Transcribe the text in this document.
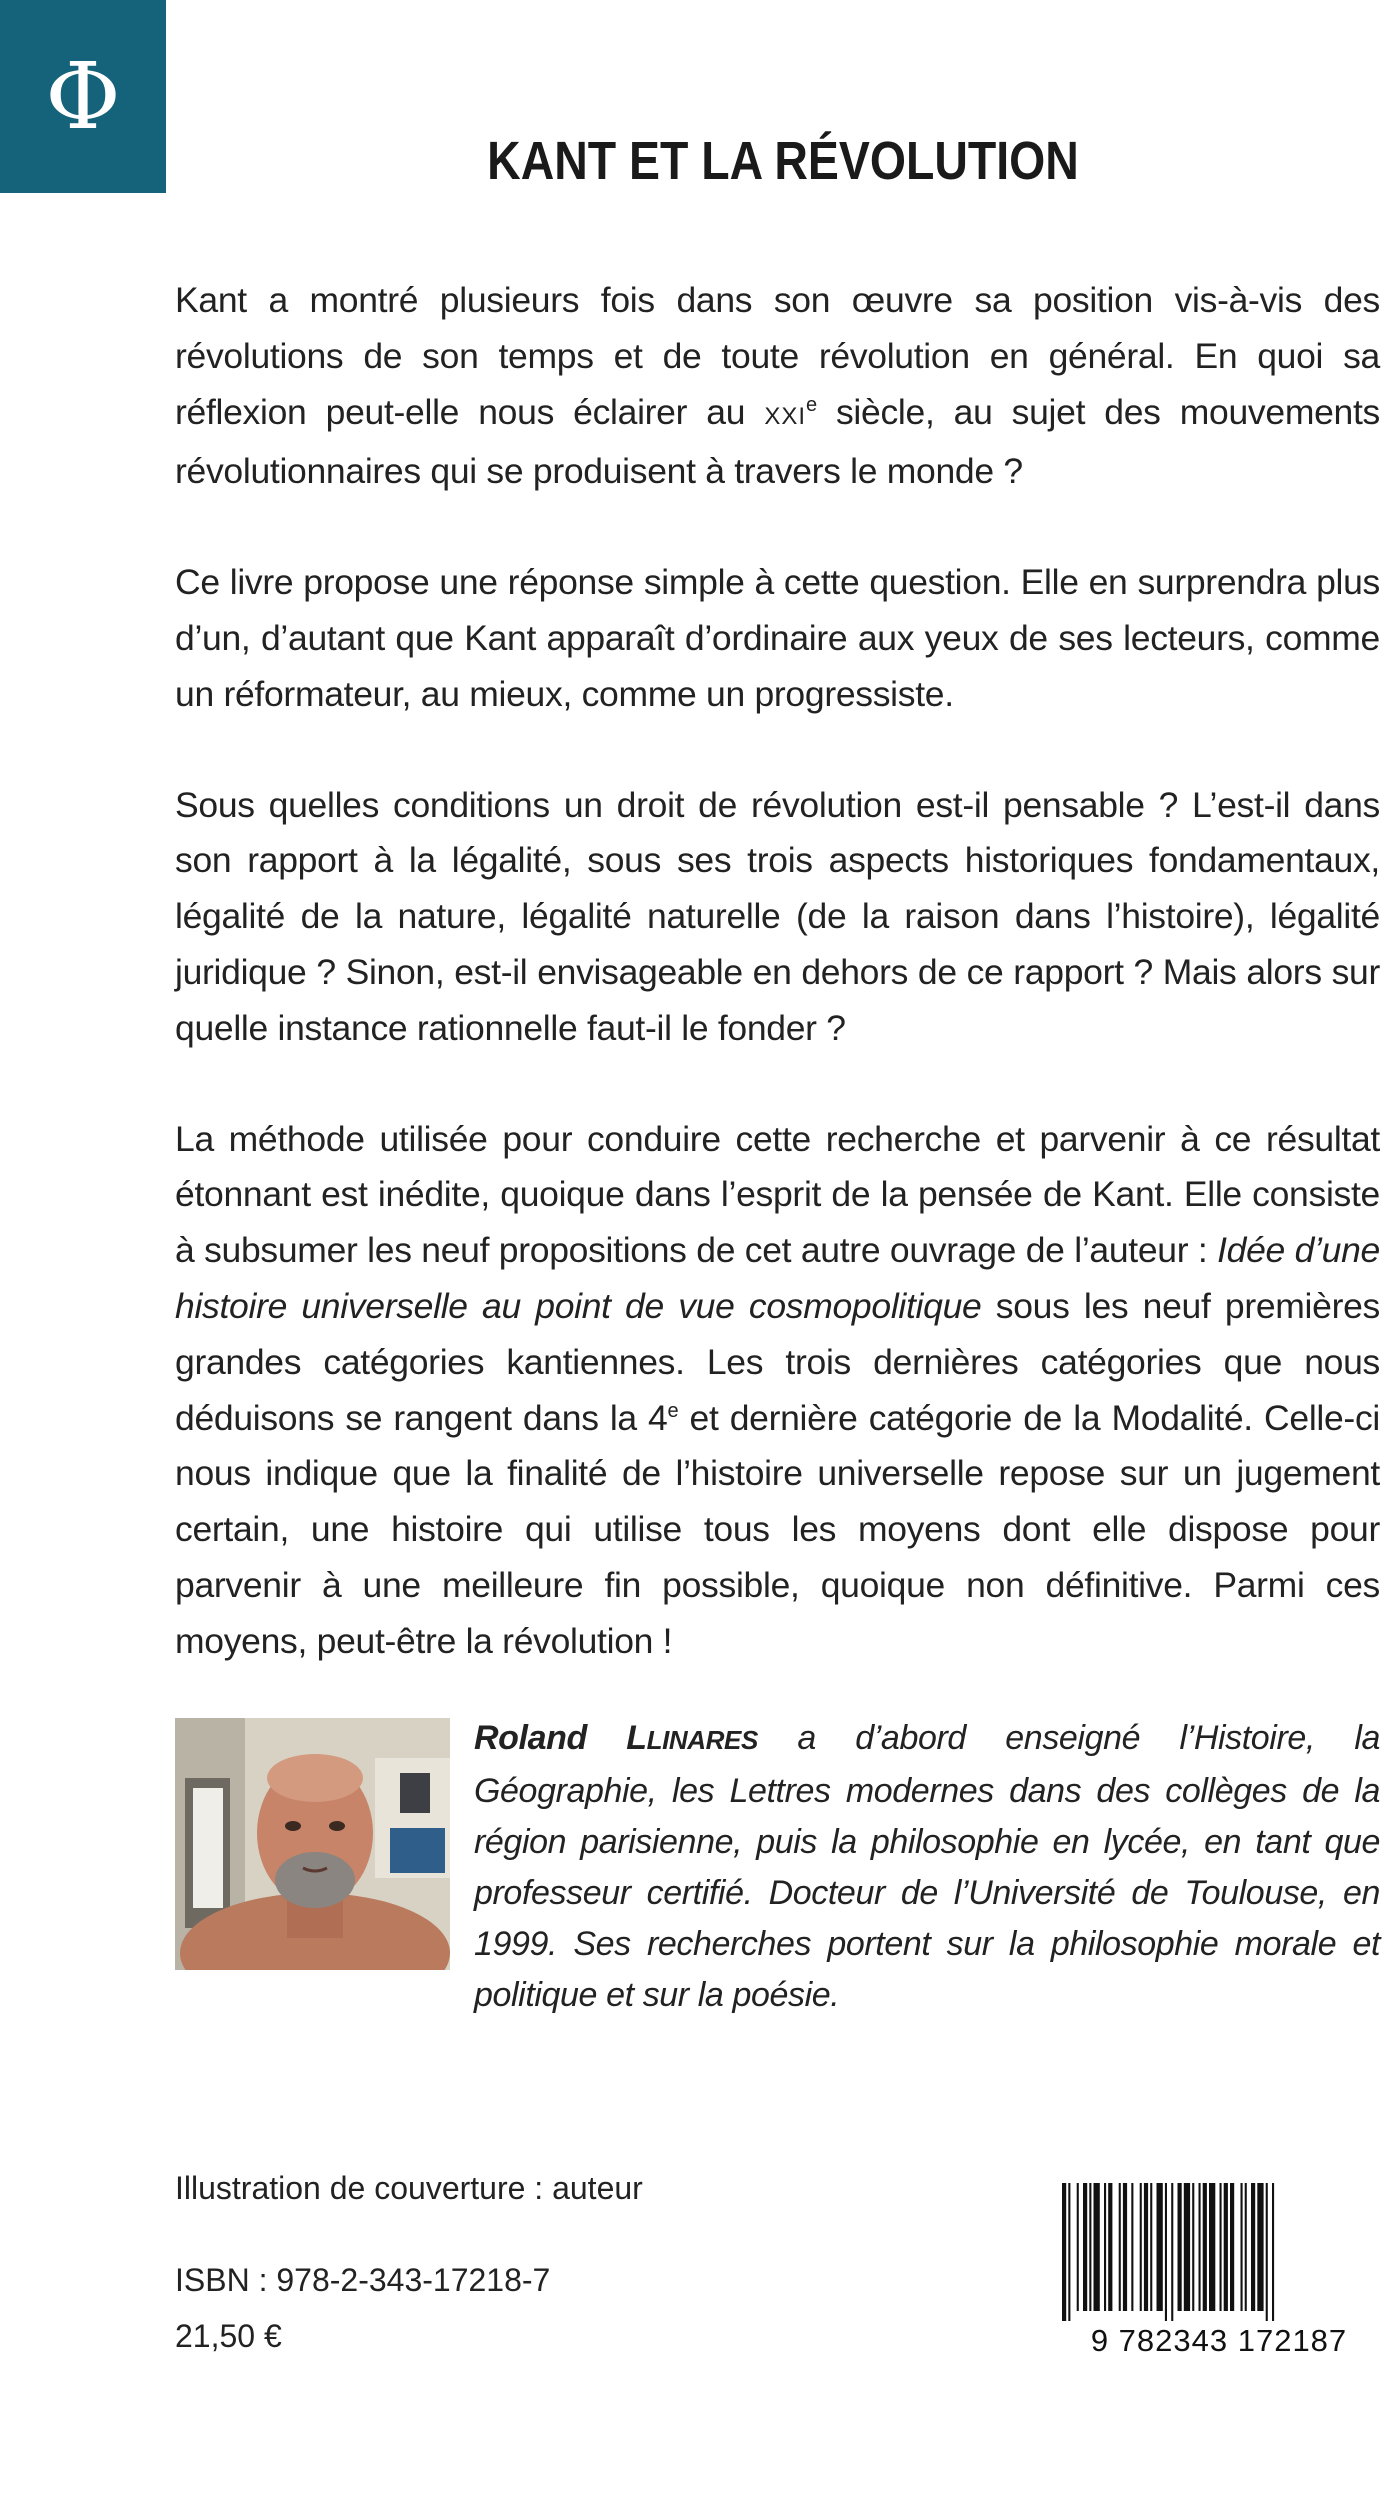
Φ
KANT ET LA RÉVOLUTION

Kant a montré plusieurs fois dans son œuvre sa position vis-à-vis des révolutions de son temps et de toute révolution en général. En quoi sa réflexion peut-elle nous éclairer au XXIe siècle, au sujet des mouvements révolutionnaires qui se produisent à travers le monde ?

Ce livre propose une réponse simple à cette question. Elle en surprendra plus d’un, d’autant que Kant apparaît d’ordinaire aux yeux de ses lecteurs, comme un réformateur, au mieux, comme un progressiste.

Sous quelles conditions un droit de révolution est-il pensable ? L’est-il dans son rapport à la légalité, sous ses trois aspects historiques fondamentaux, légalité de la nature, légalité naturelle (de la raison dans l’histoire), légalité juridique ? Sinon, est-il envisageable en dehors de ce rapport ? Mais alors sur quelle instance rationnelle faut-il le fonder ?

La méthode utilisée pour conduire cette recherche et parvenir à ce résultat étonnant est inédite, quoique dans l’esprit de la pensée de Kant. Elle consiste à subsumer les neuf propositions de cet autre ouvrage de l’auteur : Idée d’une histoire universelle au point de vue cosmopolitique sous les neuf premières grandes catégories kantiennes. Les trois dernières catégories que nous déduisons se rangent dans la 4e et dernière catégorie de la Modalité. Celle-ci nous indique que la finalité de l’histoire universelle repose sur un jugement certain, une histoire qui utilise tous les moyens dont elle dispose pour parvenir à une meilleure fin possible, quoique non définitive. Parmi ces moyens, peut-être la révolution !

Roland LLINARES a d’abord enseigné l’Histoire, la Géographie, les Lettres modernes dans des collèges de la région parisienne, puis la philosophie en lycée, en tant que professeur certifié. Docteur de l’Université de Toulouse, en 1999. Ses recherches portent sur la philosophie morale et politique et sur la poésie.
Illustration de couverture : auteur
ISBN : 978-2-343-17218-7
21,50 €	9 782343 172187
